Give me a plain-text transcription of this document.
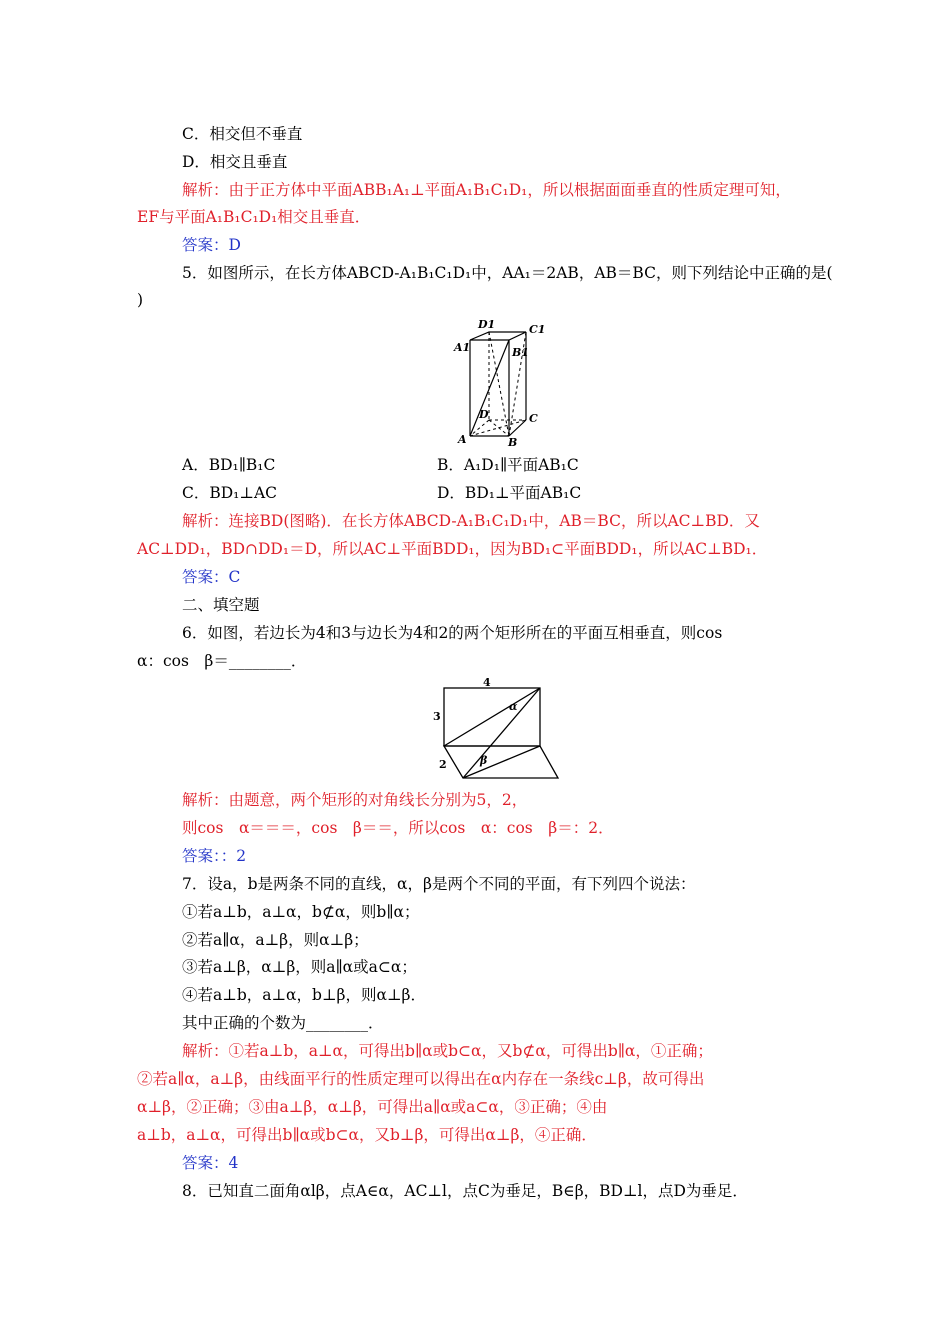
C．相交但不垂直
D．相交且垂直
解析：由于正方体中平面ABB₁A₁⊥平面A₁B₁C₁D₁，所以根据面面垂直的性质定理可知，
EF与平面A₁B₁C₁D₁相交且垂直．
答案：D
5．如图所示，在长方体ABCD-A₁B₁C₁D₁中，AA₁＝2AB，AB＝BC，则下列结论中正确的是(
)
D1	C1
A1	B1
D	C
A	B
A．BD₁∥B₁C	B．A₁D₁∥平面AB₁C
C．BD₁⊥AC	D．BD₁⊥平面AB₁C
解析：连接BD(图略)．在长方体ABCD-A₁B₁C₁D₁中，AB＝BC，所以AC⊥BD．又
AC⊥DD₁，BD∩DD₁＝D，所以AC⊥平面BDD₁，因为BD₁⊂平面BDD₁，所以AC⊥BD₁．
答案：C
二、填空题
6．如图，若边长为4和3与边长为4和2的两个矩形所在的平面互相垂直，则cos
α：cos　β＝________．
4
3
2
α
β
解析：由题意，两个矩形的对角线长分别为5，2，
则cos　α＝＝＝，cos　β＝＝，所以cos　α：cos　β＝：2．
答案：：2
7．设a，b是两条不同的直线，α，β是两个不同的平面，有下列四个说法：
①若a⊥b，a⊥α，b⊄α，则b∥α；
②若a∥α，a⊥β，则α⊥β；
③若a⊥β，α⊥β，则a∥α或a⊂α；
④若a⊥b，a⊥α，b⊥β，则α⊥β．
其中正确的个数为________．
解析：①若a⊥b，a⊥α，可得出b∥α或b⊂α，又b⊄α，可得出b∥α，①正确；
②若a∥α，a⊥β，由线面平行的性质定理可以得出在α内存在一条线c⊥β，故可得出
α⊥β，②正确；③由a⊥β，α⊥β，可得出a∥α或a⊂α，③正确；④由
a⊥b，a⊥α，可得出b∥α或b⊂α，又b⊥β，可得出α⊥β，④正确．
答案：4
8．已知直二面角αlβ，点A∈α，AC⊥l，点C为垂足，B∈β，BD⊥l，点D为垂足．
